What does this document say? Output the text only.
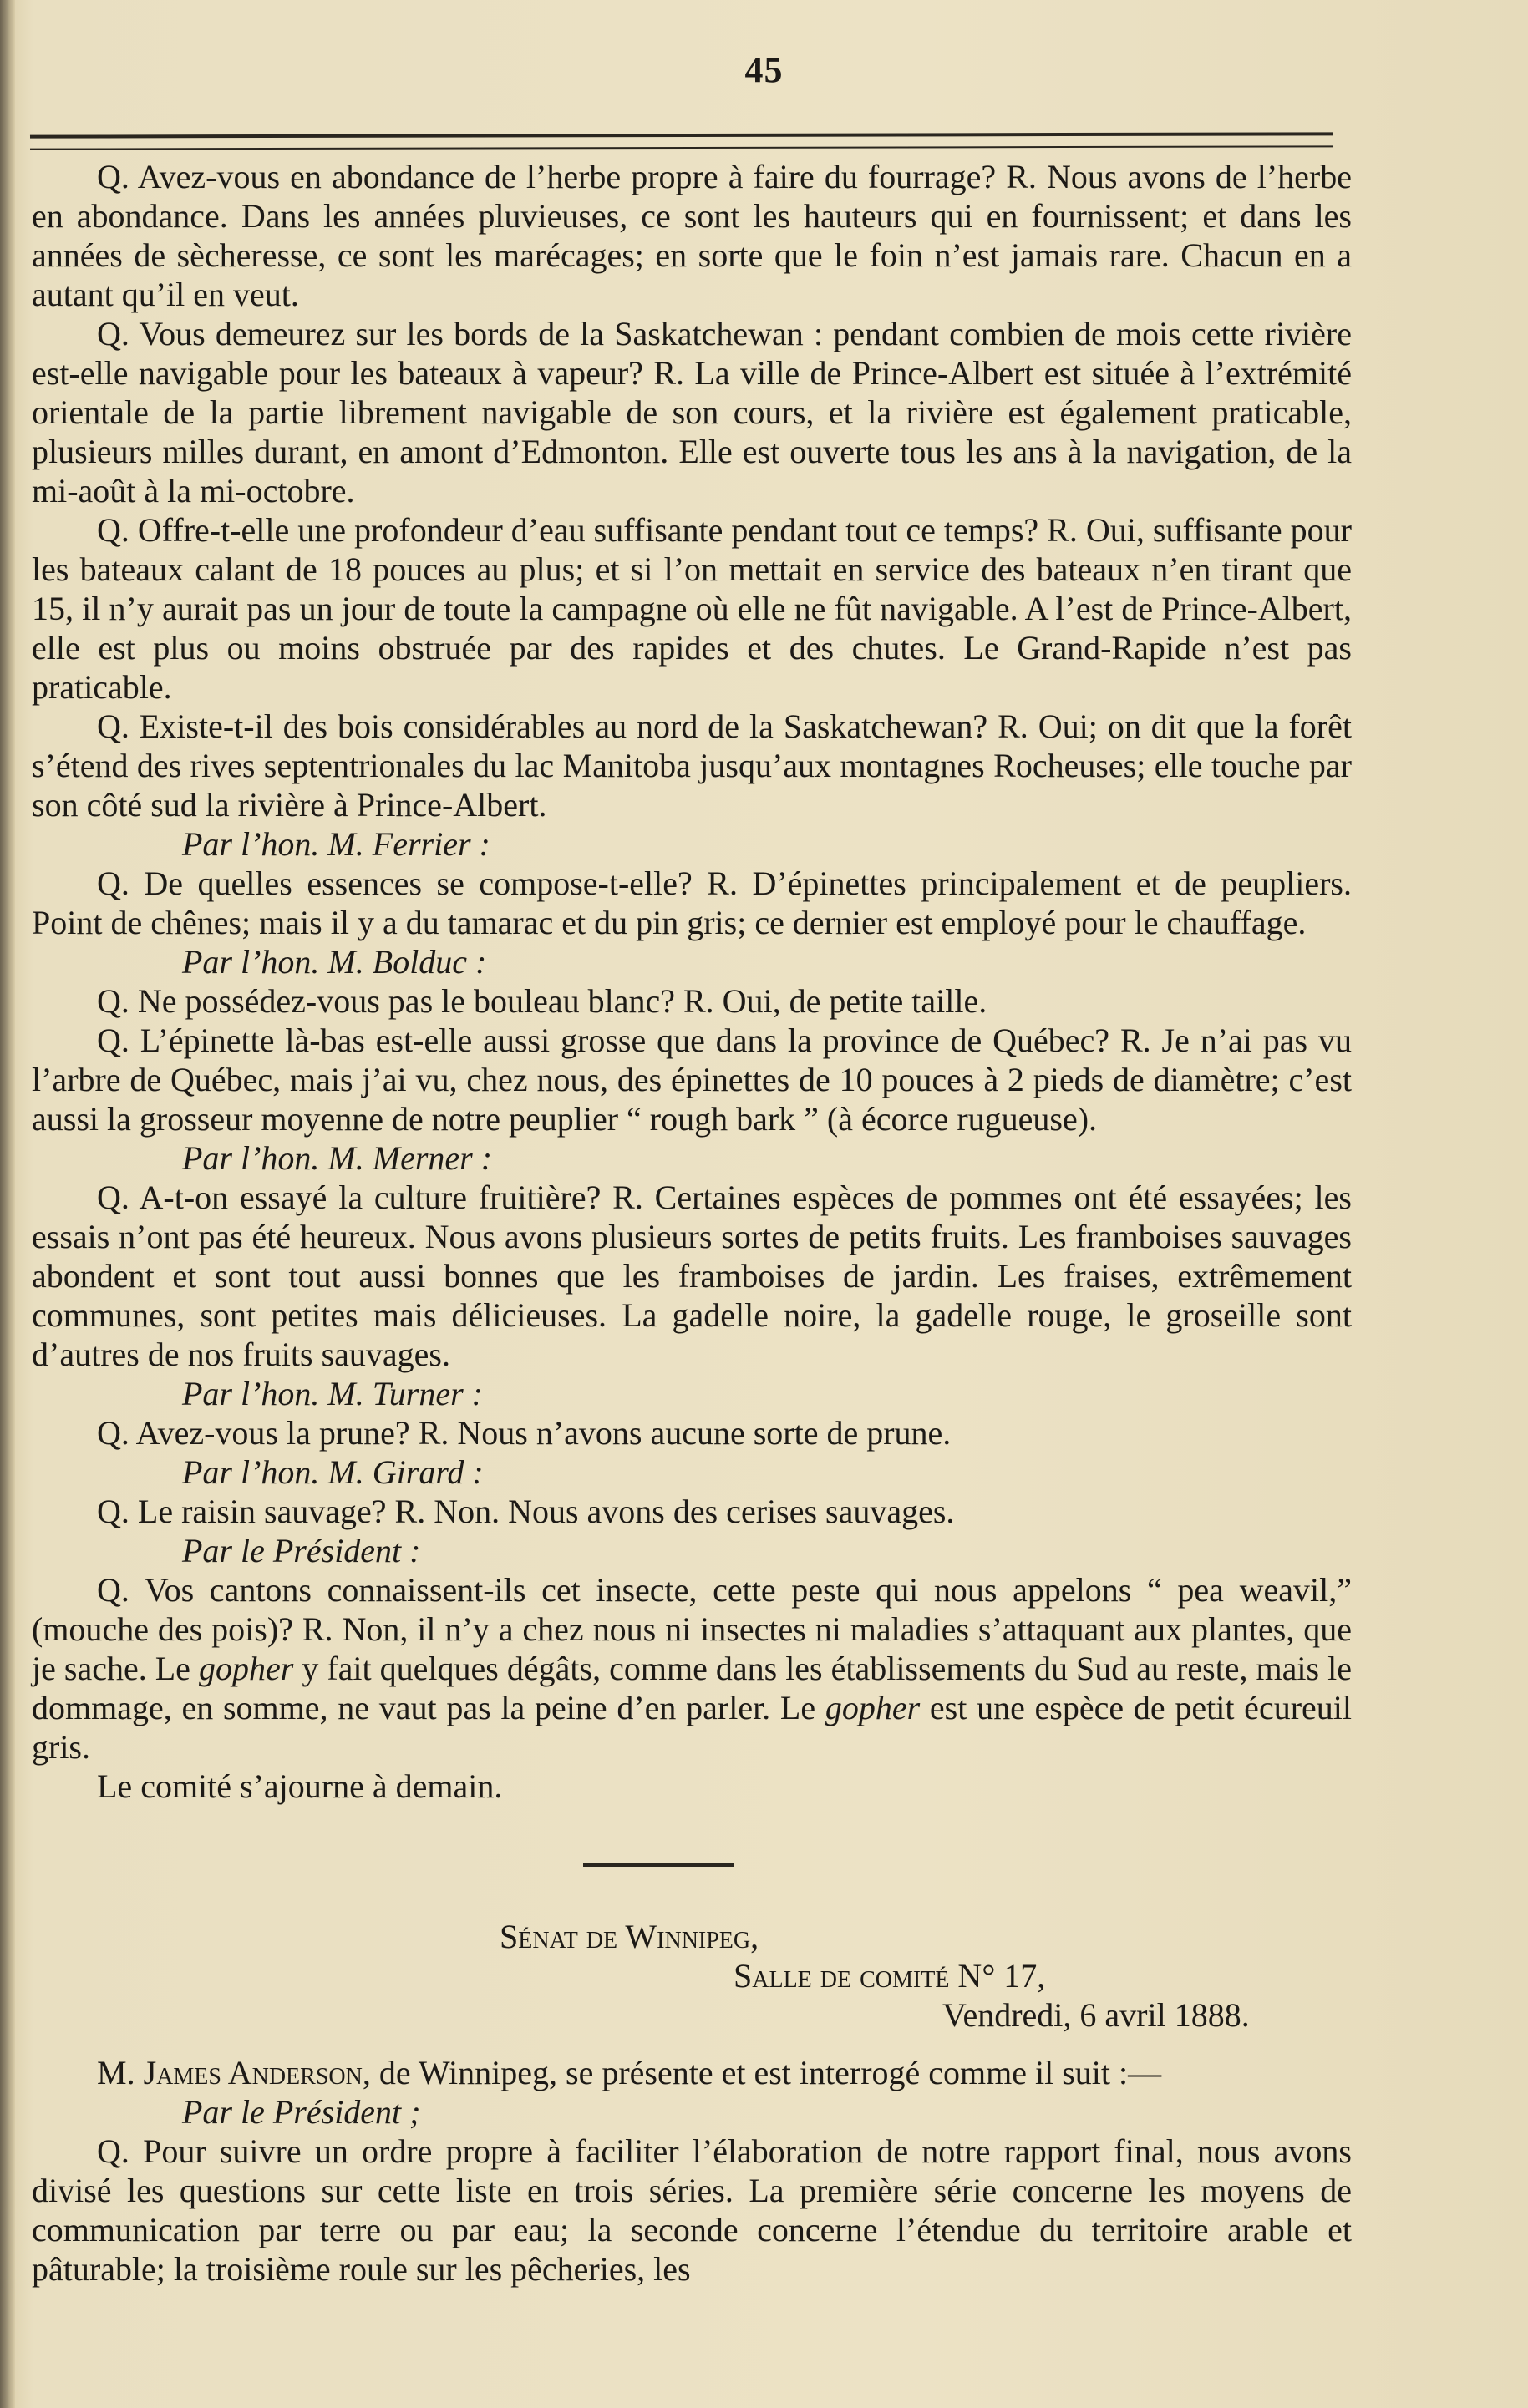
45

Q. Avez-vous en abondance de l’herbe propre à faire du fourrage? R. Nous avons de l’herbe en abondance. Dans les années pluvieuses, ce sont les hauteurs qui en fournissent; et dans les années de sècheresse, ce sont les marécages; en sorte que le foin n’est jamais rare. Chacun en a autant qu’il en veut.

Q. Vous demeurez sur les bords de la Saskatchewan : pendant combien de mois cette rivière est-elle navigable pour les bateaux à vapeur? R. La ville de Prince-Albert est située à l’extrémité orientale de la partie librement navigable de son cours, et la rivière est également praticable, plusieurs milles durant, en amont d’Edmonton. Elle est ouverte tous les ans à la navigation, de la mi-août à la mi-octobre.

Q. Offre-t-elle une profondeur d’eau suffisante pendant tout ce temps? R. Oui, suffisante pour les bateaux calant de 18 pouces au plus; et si l’on mettait en service des bateaux n’en tirant que 15, il n’y aurait pas un jour de toute la campagne où elle ne fût navigable. A l’est de Prince-Albert, elle est plus ou moins obstruée par des rapides et des chutes. Le Grand-Rapide n’est pas praticable.

Q. Existe-t-il des bois considérables au nord de la Saskatchewan? R. Oui; on dit que la forêt s’étend des rives septentrionales du lac Manitoba jusqu’aux montagnes Rocheuses; elle touche par son côté sud la rivière à Prince-Albert.

Par l’hon. M. Ferrier :

Q. De quelles essences se compose-t-elle? R. D’épinettes principalement et de peupliers. Point de chênes; mais il y a du tamarac et du pin gris; ce dernier est employé pour le chauffage.

Par l’hon. M. Bolduc :

Q. Ne possédez-vous pas le bouleau blanc? R. Oui, de petite taille.

Q. L’épinette là-bas est-elle aussi grosse que dans la province de Québec? R. Je n’ai pas vu l’arbre de Québec, mais j’ai vu, chez nous, des épinettes de 10 pouces à 2 pieds de diamètre; c’est aussi la grosseur moyenne de notre peuplier “ rough bark ” (à écorce rugueuse).

Par l’hon. M. Merner :

Q. A-t-on essayé la culture fruitière? R. Certaines espèces de pommes ont été essayées; les essais n’ont pas été heureux. Nous avons plusieurs sortes de petits fruits. Les framboises sauvages abondent et sont tout aussi bonnes que les framboises de jardin. Les fraises, extrêmement communes, sont petites mais délicieuses. La gadelle noire, la gadelle rouge, le groseille sont d’autres de nos fruits sauvages.

Par l’hon. M. Turner :

Q. Avez-vous la prune? R. Nous n’avons aucune sorte de prune.

Par l’hon. M. Girard :

Q. Le raisin sauvage? R. Non. Nous avons des cerises sauvages.

Par le Président :

Q. Vos cantons connaissent-ils cet insecte, cette peste qui nous appelons “ pea weavil,” (mouche des pois)? R. Non, il n’y a chez nous ni insectes ni maladies s’attaquant aux plantes, que je sache. Le gopher y fait quelques dégâts, comme dans les établissements du Sud au reste, mais le dommage, en somme, ne vaut pas la peine d’en parler. Le gopher est une espèce de petit écureuil gris.

Le comité s’ajourne à demain.

Sénat de Winnipeg,

Salle de comité N° 17,

Vendredi, 6 avril 1888.

M. James Anderson, de Winnipeg, se présente et est interrogé comme il suit :—

Par le Président ;

Q. Pour suivre un ordre propre à faciliter l’élaboration de notre rapport final, nous avons divisé les questions sur cette liste en trois séries. La première série concerne les moyens de communication par terre ou par eau; la seconde concerne l’étendue du territoire arable et pâturable; la troisième roule sur les pêcheries, les
